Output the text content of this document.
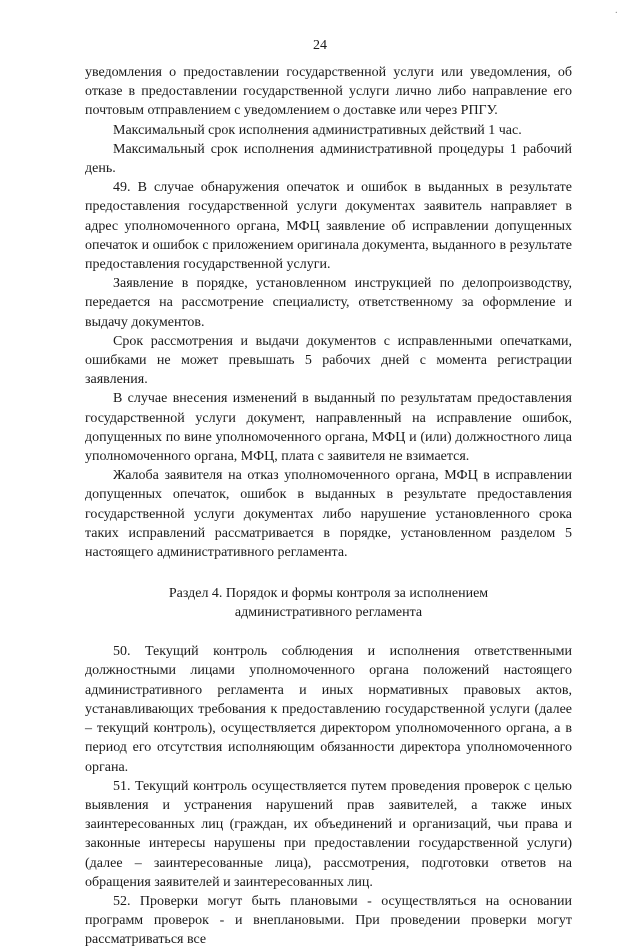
·
24

уведомления о предоставлении государственной услуги или уведомления, об отказе в предоставлении государственной услуги лично либо направление его почтовым отправлением с уведомлением о доставке или через РПГУ.

Максимальный срок исполнения административных действий 1 час.

Максимальный срок исполнения административной процедуры 1 рабочий день.

49. В случае обнаружения опечаток и ошибок в выданных в результате предоставления государственной услуги документах заявитель направляет в адрес уполномоченного органа, МФЦ заявление об исправлении допущенных опечаток и ошибок с приложением оригинала документа, выданного в результате предоставления государственной услуги.

Заявление в порядке, установленном инструкцией по делопроизводству, передается на рассмотрение специалисту, ответственному за оформление и выдачу документов.

Срок рассмотрения и выдачи документов с исправленными опечатками, ошибками не может превышать 5 рабочих дней с момента регистрации заявления.

В случае внесения изменений в выданный по результатам предоставления государственной услуги документ, направленный на исправление ошибок, допущенных по вине уполномоченного органа, МФЦ и (или) должностного лица уполномоченного органа, МФЦ, плата с заявителя не взимается.

Жалоба заявителя на отказ уполномоченного органа, МФЦ в исправлении допущенных опечаток, ошибок в выданных в результате предоставления государственной услуги документах либо нарушение установленного срока таких исправлений рассматривается в порядке, установленном разделом 5 настоящего административного регламента.

Раздел 4. Порядок и формы контроля за исполнением
административного регламента

50. Текущий контроль соблюдения и исполнения ответственными должностными лицами уполномоченного органа положений настоящего административного регламента и иных нормативных правовых актов, устанавливающих требования к предоставлению государственной услуги (далее – текущий контроль), осуществляется директором уполномоченного органа, а в период его отсутствия исполняющим обязанности директора уполномоченного органа.

51. Текущий контроль осуществляется путем проведения проверок с целью выявления и устранения нарушений прав заявителей, а также иных заинтересованных лиц (граждан, их объединений и организаций, чьи права и законные интересы нарушены при предоставлении государственной услуги) (далее – заинтересованные лица), рассмотрения, подготовки ответов на обращения заявителей и заинтересованных лиц.

52. Проверки могут быть плановыми - осуществляться на основании программ проверок - и внеплановыми. При проведении проверки могут рассматриваться все
